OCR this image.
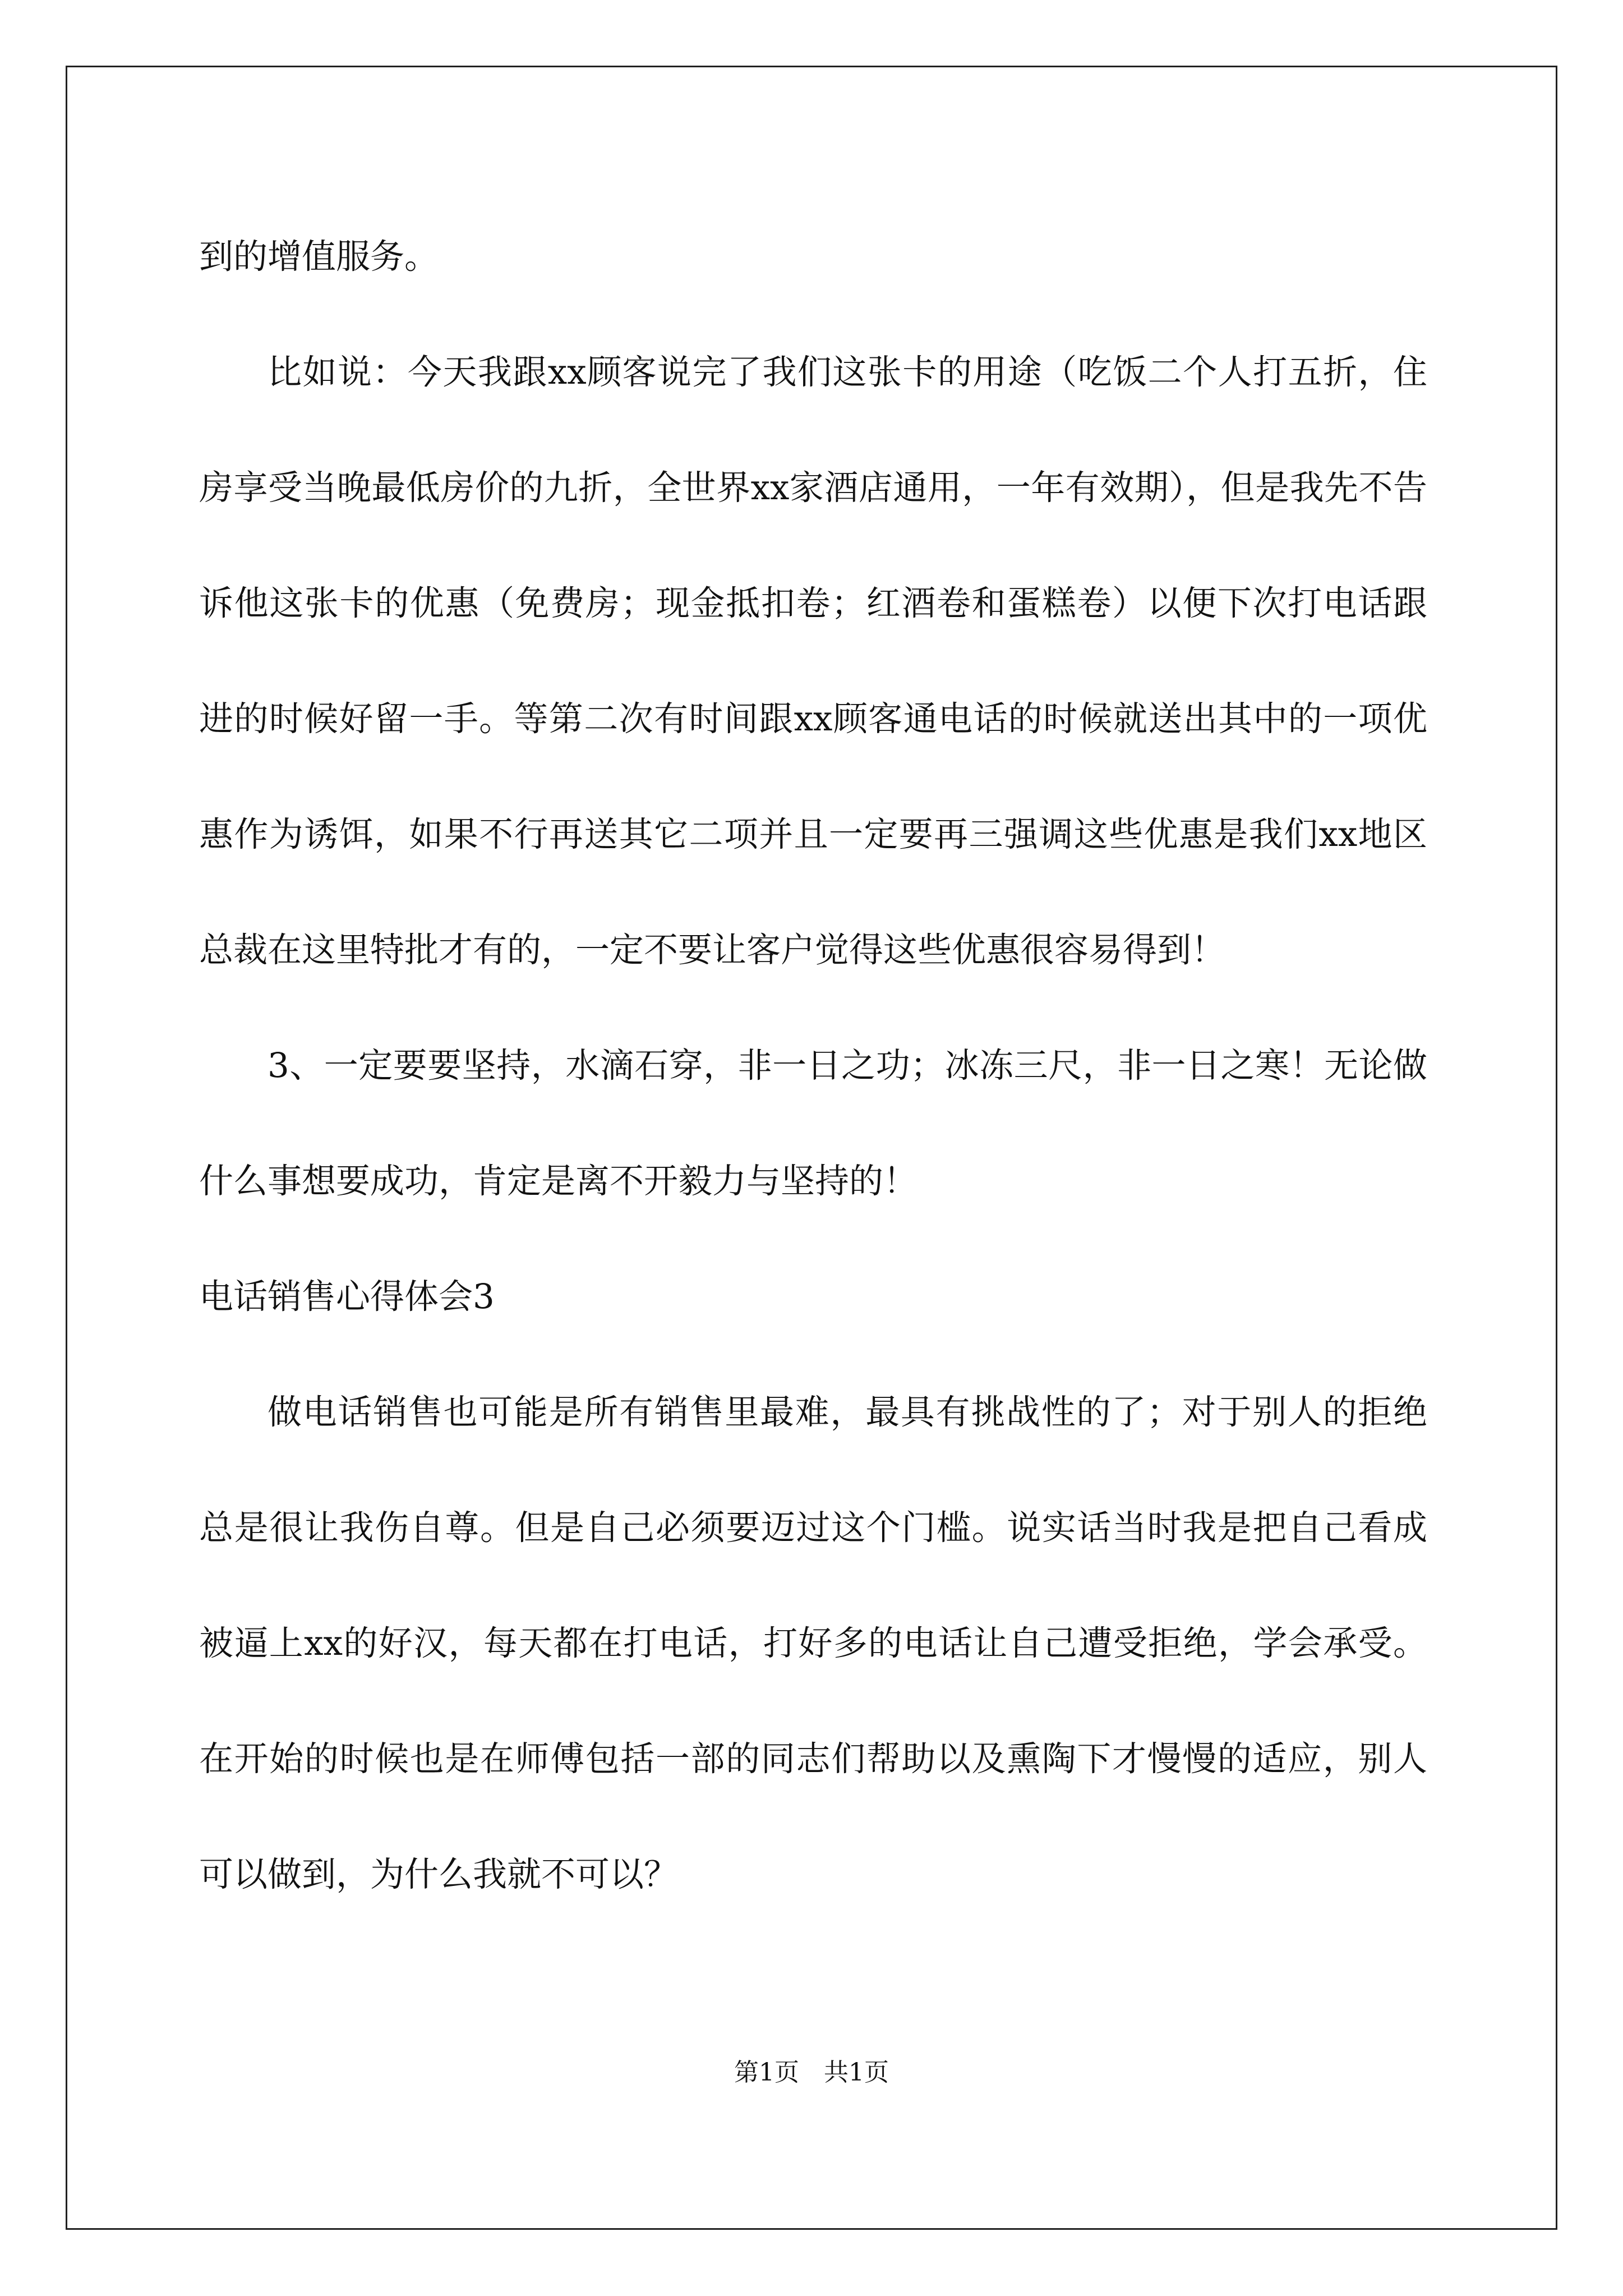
到的增值服务。

比如说：今天我跟xx顾客说完了我们这张卡的用途（吃饭二个人打五折，住房享受当晚最低房价的九折，全世界xx家酒店通用，一年有效期），但是我先不告诉他这张卡的优惠（免费房；现金抵扣卷；红酒卷和蛋糕卷）以便下次打电话跟进的时候好留一手。等第二次有时间跟xx顾客通电话的时候就送出其中的一项优惠作为诱饵，如果不行再送其它二项并且一定要再三强调这些优惠是我们xx地区总裁在这里特批才有的，一定不要让客户觉得这些优惠很容易得到！

3、一定要要坚持，水滴石穿，非一日之功；冰冻三尺，非一日之寒！无论做什么事想要成功，肯定是离不开毅力与坚持的！

电话销售心得体会3

做电话销售也可能是所有销售里最难，最具有挑战性的了；对于别人的拒绝总是很让我伤自尊。但是自己必须要迈过这个门槛。说实话当时我是把自己看成被逼上xx的好汉，每天都在打电话，打好多的电话让自己遭受拒绝，学会承受。在开始的时候也是在师傅包括一部的同志们帮助以及熏陶下才慢慢的适应，别人可以做到，为什么我就不可以？

第1页　共1页
